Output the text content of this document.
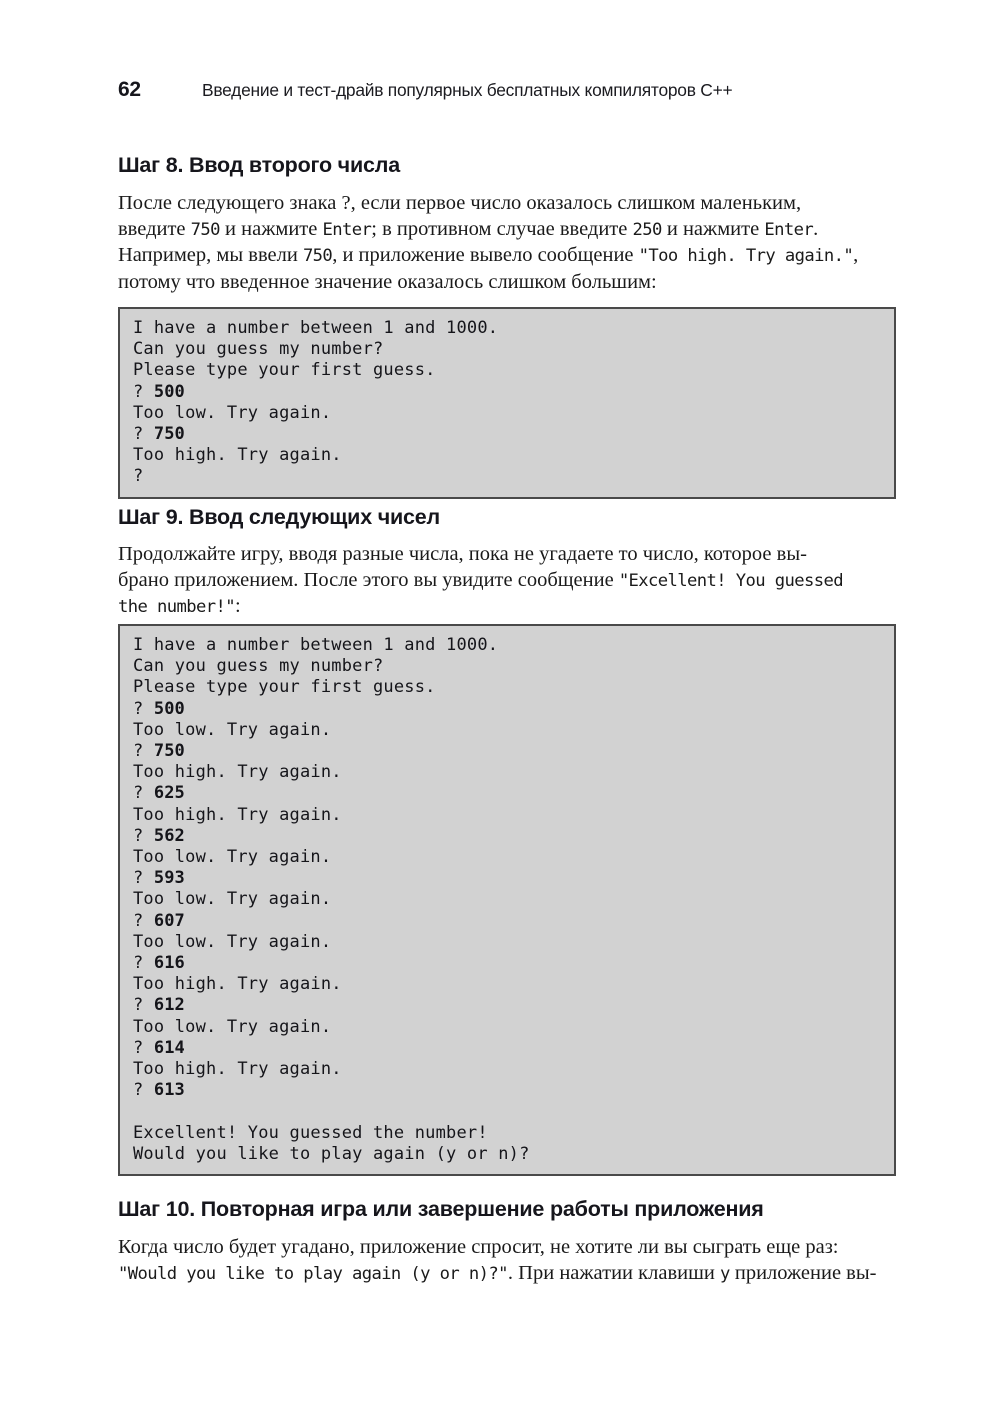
62	Введение и тест-драйв популярных бесплатных компиляторов C++
Шаг 8. Ввод второго числа

После следующего знака ?, если первое число оказалось слишком маленьким,
введите 750 и нажмите Enter; в противном случае введите 250 и нажмите Enter.
Например, мы ввели 750, и приложение вывело сообщение "Too high. Try again.",
потому что введенное значение оказалось слишком большим:

I have a number between 1 and 1000.
Can you guess my number?
Please type your first guess.
? 500
Too low. Try again.
? 750
Too high. Try again.
?
Шаг 9. Ввод следующих чисел

Продолжайте игру, вводя разные числа, пока не угадаете то число, которое вы-
брано приложением. После этого вы увидите сообщение "Excellent! You guessed
the number!":

I have a number between 1 and 1000.
Can you guess my number?
Please type your first guess.
? 500
Too low. Try again.
? 750
Too high. Try again.
? 625
Too high. Try again.
? 562
Too low. Try again.
? 593
Too low. Try again.
? 607
Too low. Try again.
? 616
Too high. Try again.
? 612
Too low. Try again.
? 614
Too high. Try again.
? 613
Excellent! You guessed the number!
Would you like to play again (y or n)?
Шаг 10. Повторная игра или завершение работы приложения

Когда число будет угадано, приложение спросит, не хотите ли вы сыграть еще раз:
"Would you like to play again (y or n)?". При нажатии клавиши y приложение вы-
